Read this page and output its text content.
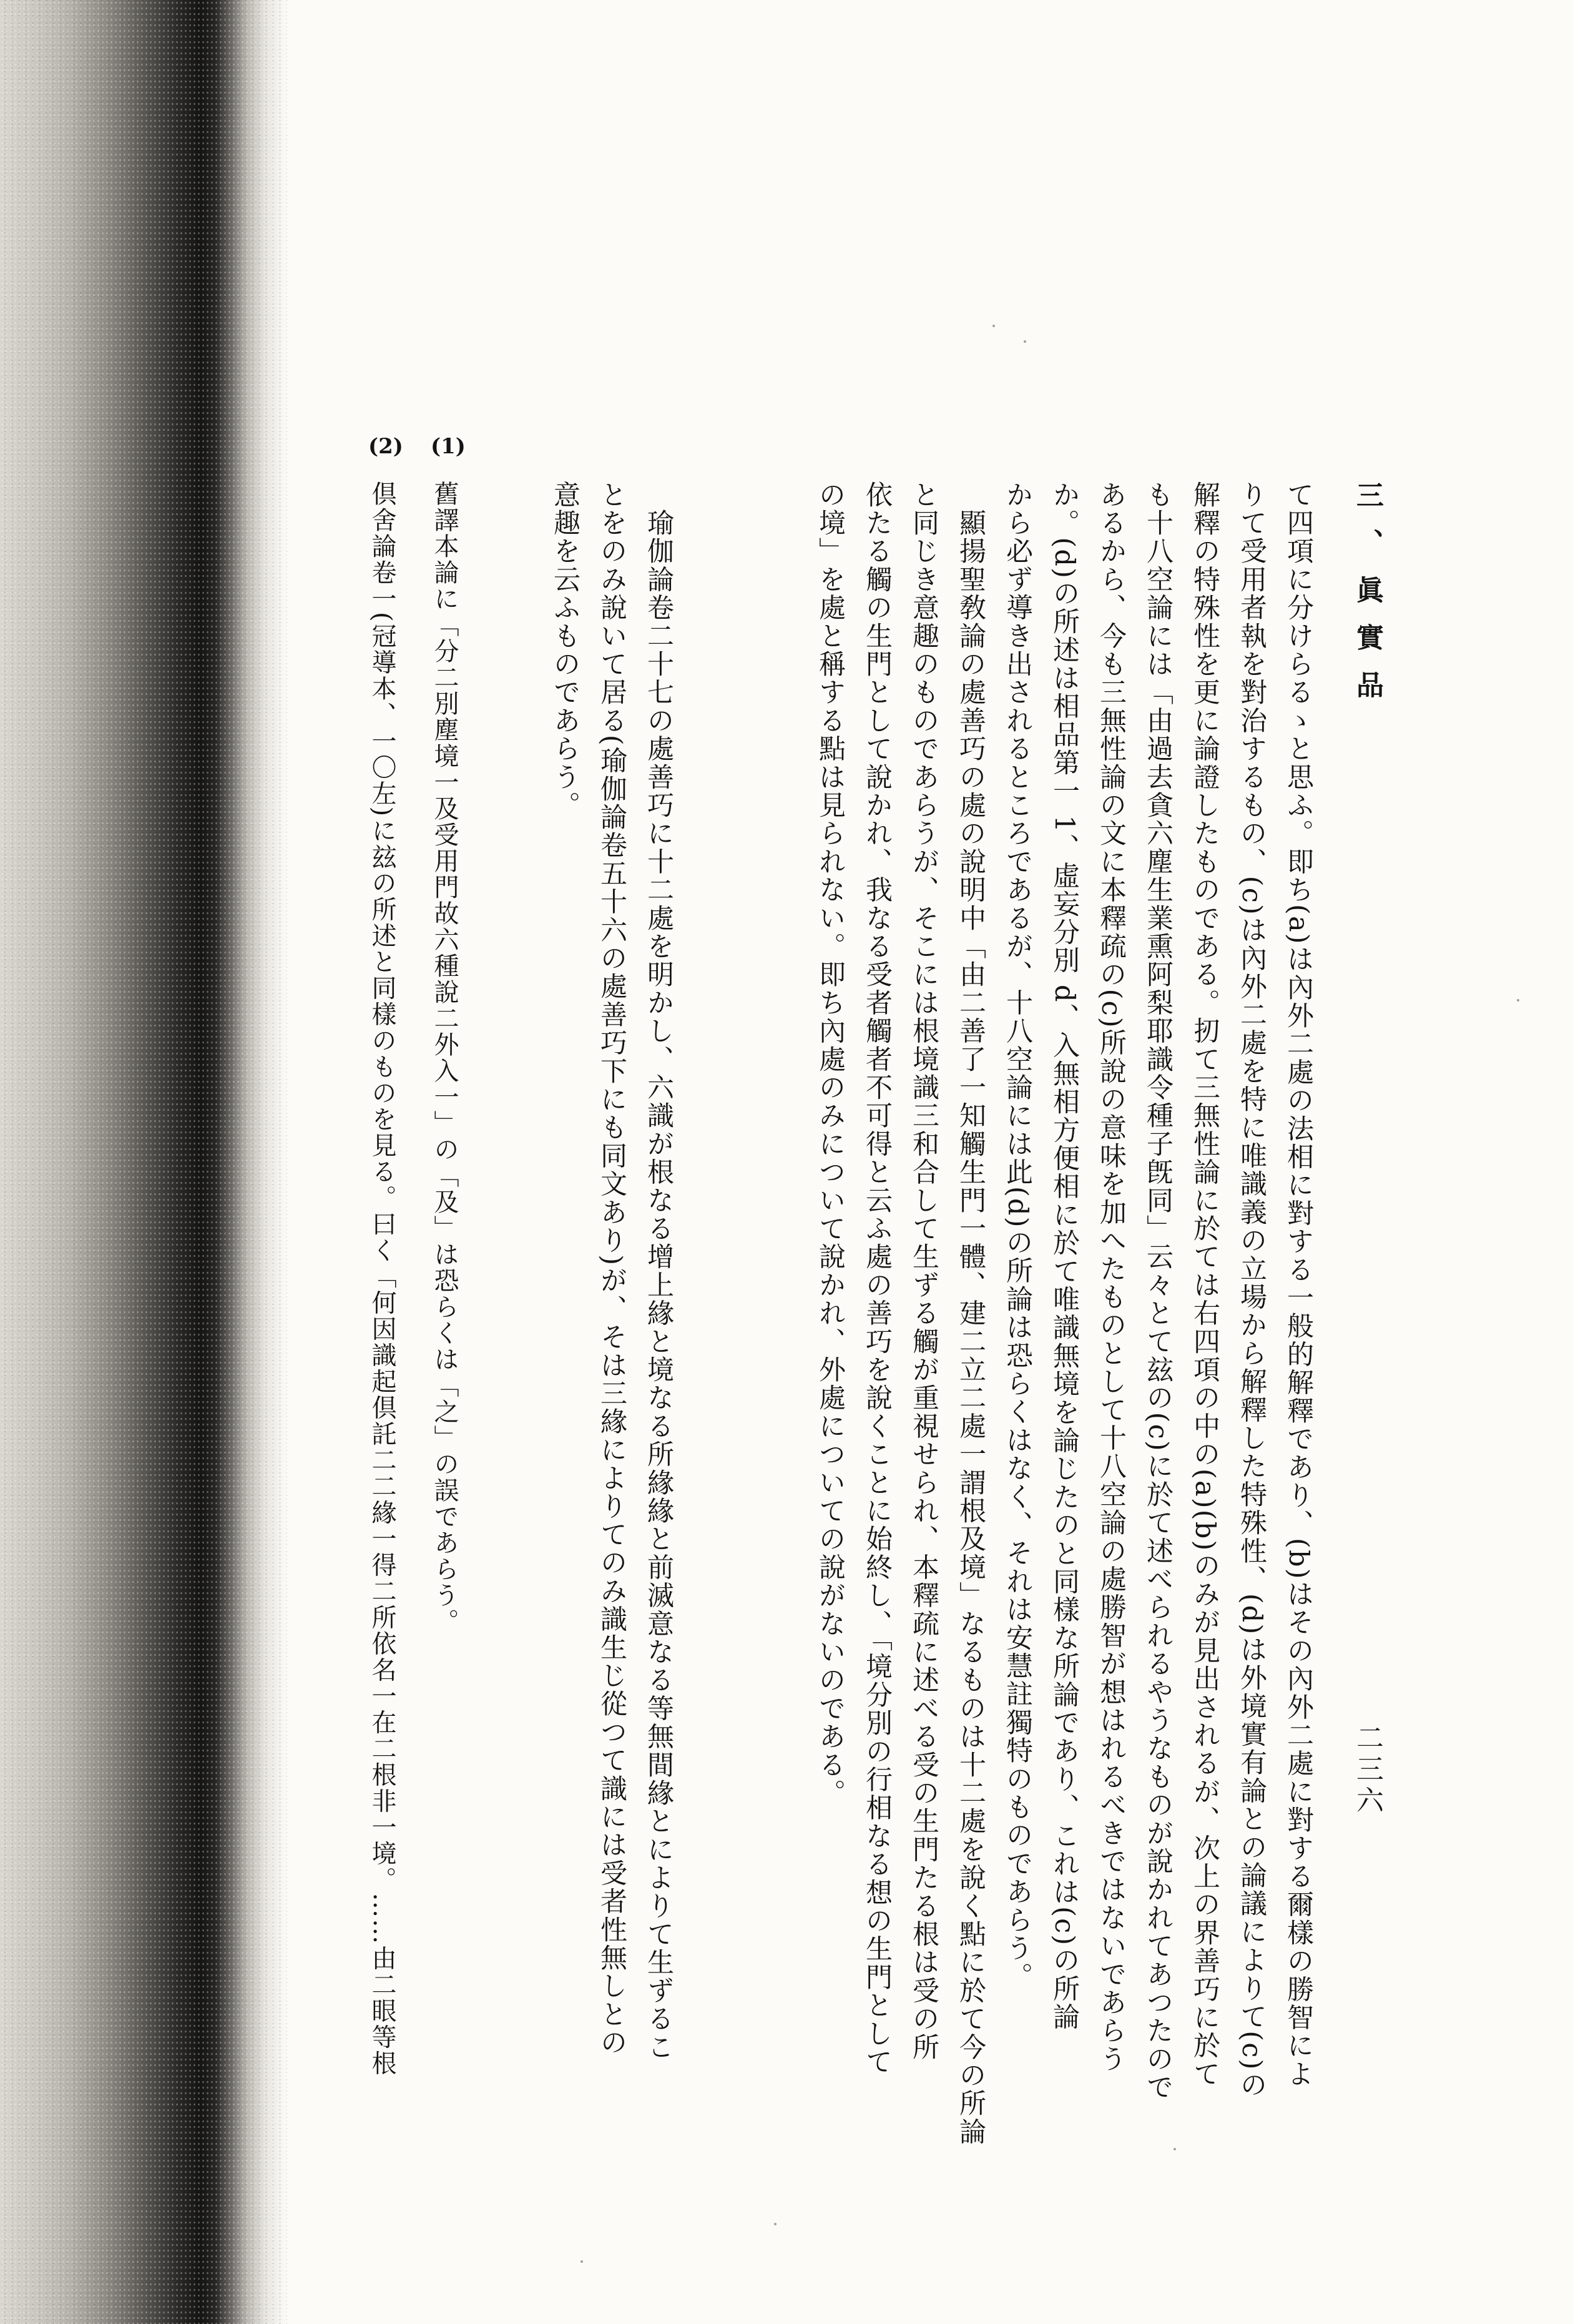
三、眞實品
二三六
て四項に分けらるゝと思ふ。即ち(a)は內外二處の法相に對する一般的解釋であり、(b)はその內外二處に對する爾樣の勝智によ
りて受用者執を對治するもの、(c)は內外二處を特に唯識義の立場から解釋した特殊性、(d)は外境實有論との論議によりて(c)の
解釋の特殊性を更に論證したものである。扨て三無性論に於ては右四項の中の(a)(b)のみが見出されるが、次上の界善巧に於て
も十八空論には「由過去貪六塵生業熏阿梨耶識令種子旣同」云々とて玆の(c)に於て述べられるやうなものが說かれてあつたので
あるから、今も三無性論の文に本釋疏の(c)所說の意味を加へたものとして十八空論の處勝智が想はれるべきではないであらう
か。(d)の所述は相品第一 1、虛妄分別 d、入無相方便相に於て唯識無境を論じたのと同樣な所論であり、これは(c)の所論
から必ず導き出されるところであるが、十八空論には此(d)の所論は恐らくはなく、それは安慧註獨特のものであらう。
　顯揚聖敎論の處善巧の處の說明中「由二善了一知觸生門一體、建二立二處一謂根及境」なるものは十二處を說く點に於て今の所論
と同じき意趣のものであらうが、そこには根境識三和合して生ずる觸が重視せられ、本釋疏に述べる受の生門たる根は受の所
依たる觸の生門として說かれ、我なる受者觸者不可得と云ふ處の善巧を說くことに始終し、「境分別の行相なる想の生門として
の境」を處と稱する點は見られない。即ち內處のみについて說かれ、外處についての說がないのである。
　瑜伽論卷二十七の處善巧に十二處を明かし、六識が根なる增上緣と境なる所緣緣と前滅意なる等無間緣とによりて生ずるこ
とをのみ說いて居る(瑜伽論卷五十六の處善巧下にも同文あり)が、そは三緣によりてのみ識生じ從つて識には受者性無しとの
意趣を云ふものであらう。
(1)
舊譯本論に「分二別塵境一及受用門故六種說二外入一」の「及」は恐らくは「之」の誤であらう。
(2)
倶舍論卷一(冠導本、一〇左)に玆の所述と同樣のものを見る。曰く「何因識起倶託二二緣一得二所依名一在二根非一境。……由二眼等根
